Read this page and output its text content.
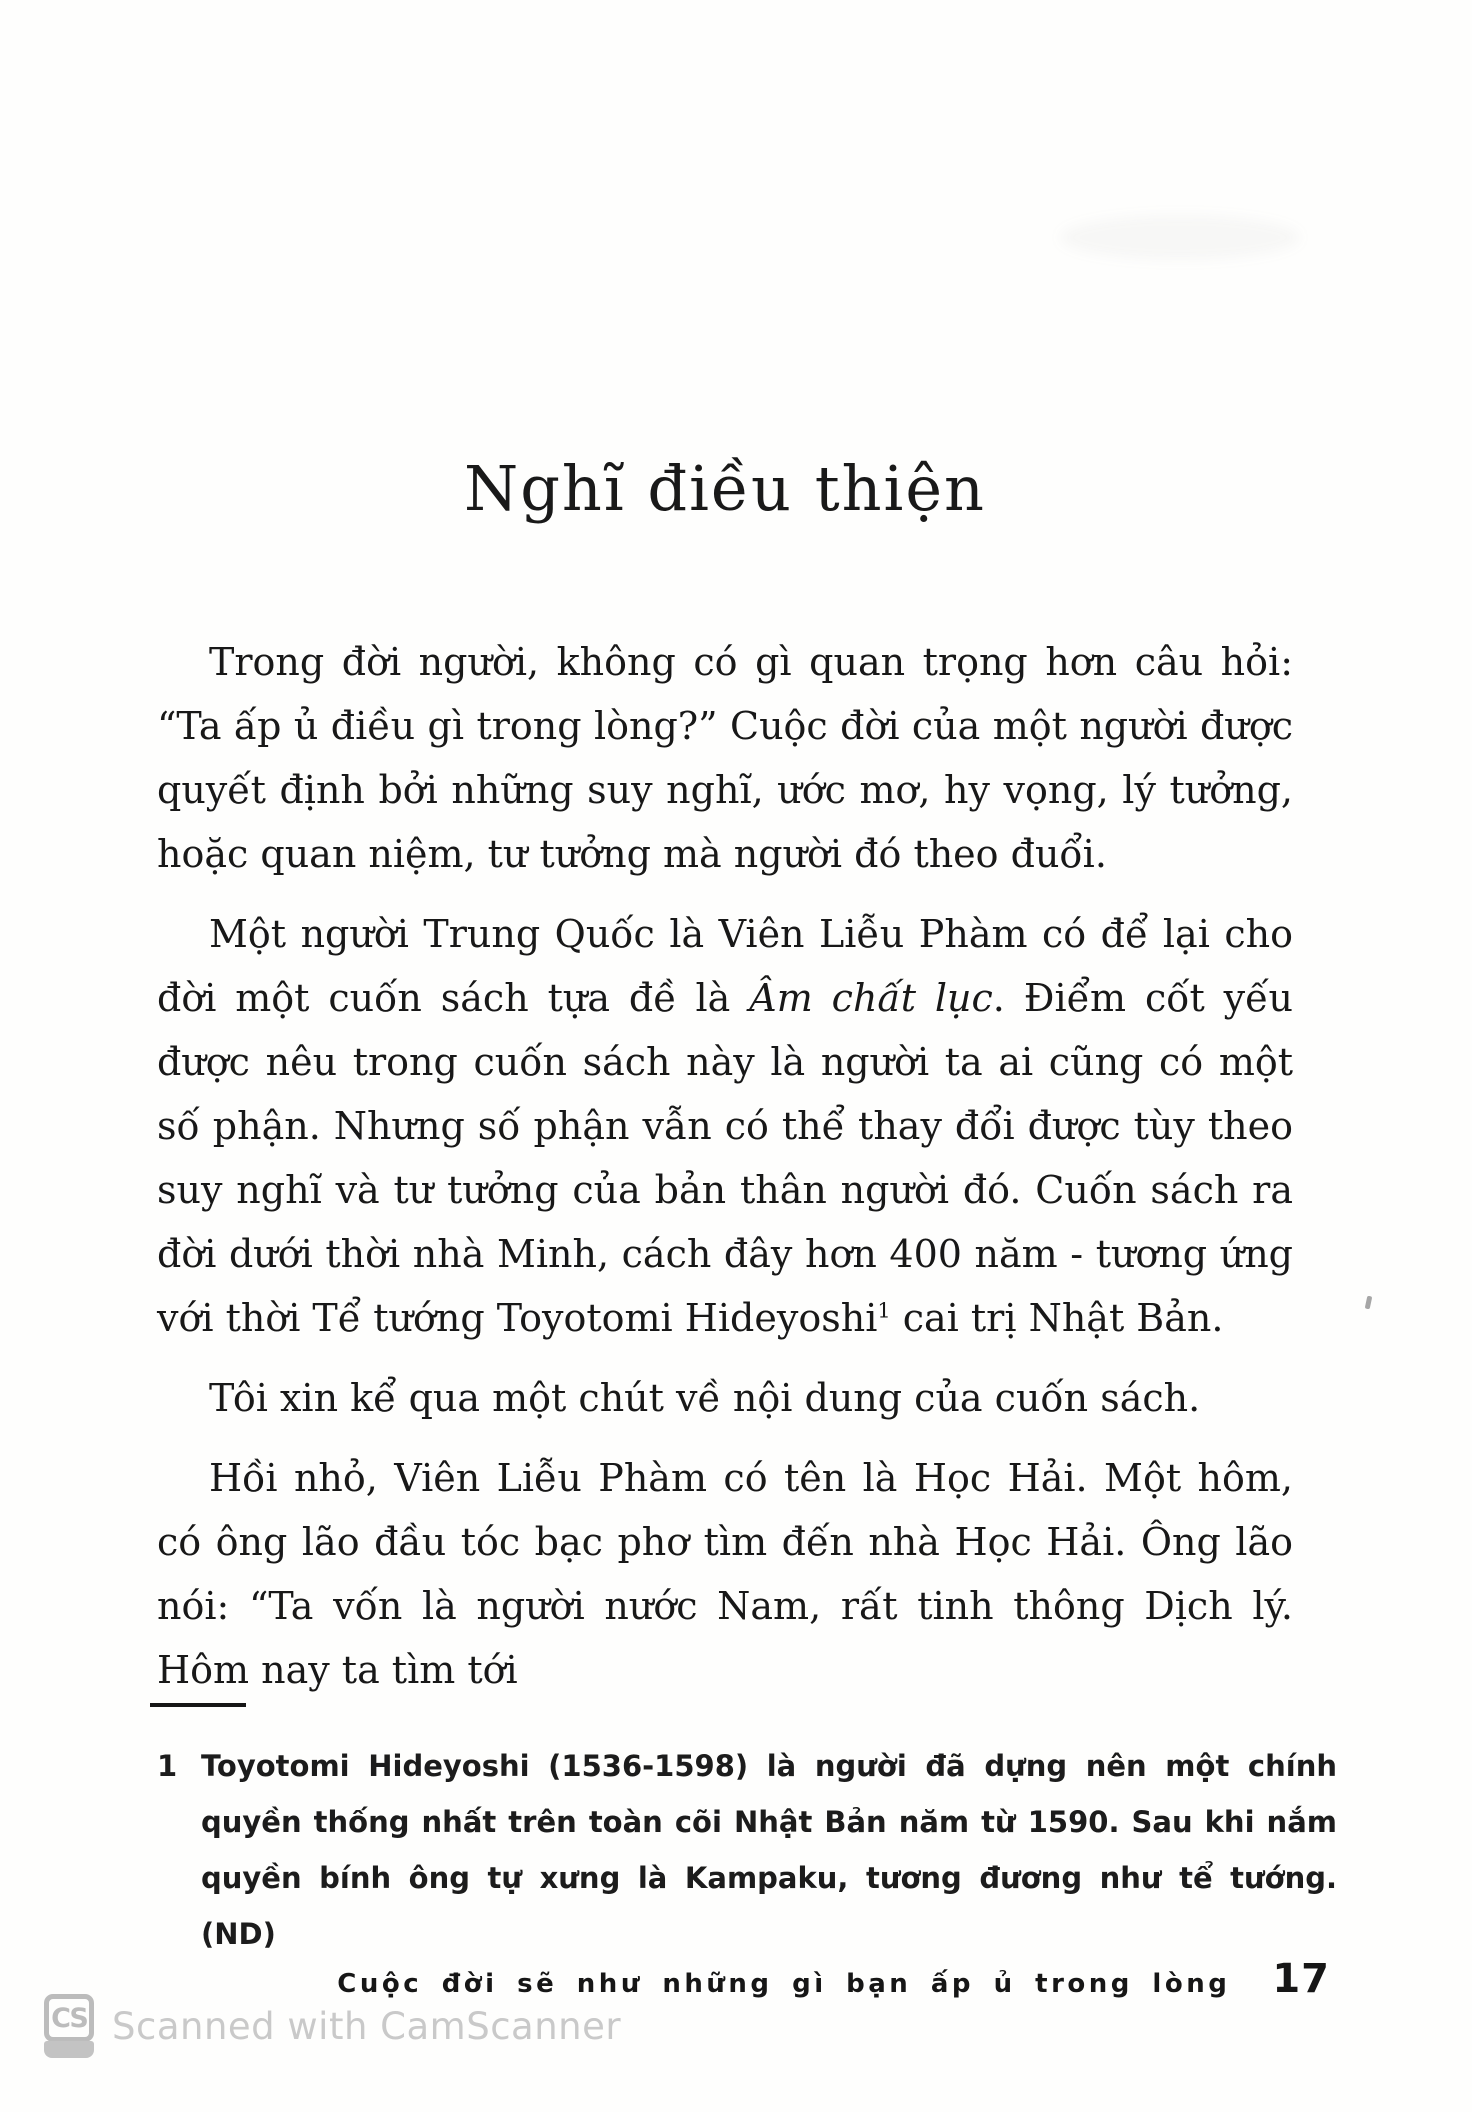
Nghĩ điều thiện

Trong đời người, không có gì quan trọng hơn câu hỏi: “Ta ấp ủ điều gì trong lòng?” Cuộc đời của một người được quyết định bởi những suy nghĩ, ước mơ, hy vọng, lý tưởng, hoặc quan niệm, tư tưởng mà người đó theo đuổi.

Một người Trung Quốc là Viên Liễu Phàm có để lại cho đời một cuốn sách tựa đề là Âm chất lục. Điểm cốt yếu được nêu trong cuốn sách này là người ta ai cũng có một số phận. Nhưng số phận vẫn có thể thay đổi được tùy theo suy nghĩ và tư tưởng của bản thân người đó. Cuốn sách ra đời dưới thời nhà Minh, cách đây hơn 400 năm - tương ứng với thời Tể tướng Toyotomi Hideyoshi$^1$ cai trị Nhật Bản.

Tôi xin kể qua một chút về nội dung của cuốn sách.

Hồi nhỏ, Viên Liễu Phàm có tên là Học Hải. Một hôm, có ông lão đầu tóc bạc phơ tìm đến nhà Học Hải. Ông lão nói: “Ta vốn là người nước Nam, rất tinh thông Dịch lý. Hôm nay ta tìm tới

1 Toyotomi Hideyoshi (1536-1598) là người đã dựng nên một chính quyền thống nhất trên toàn cõi Nhật Bản năm từ 1590. Sau khi nắm quyền bính ông tự xưng là Kampaku, tương đương như tể tướng. (ND)
Cuộc đời sẽ như những gì bạn ấp ủ trong lòng 17
CS Scanned with CamScanner
